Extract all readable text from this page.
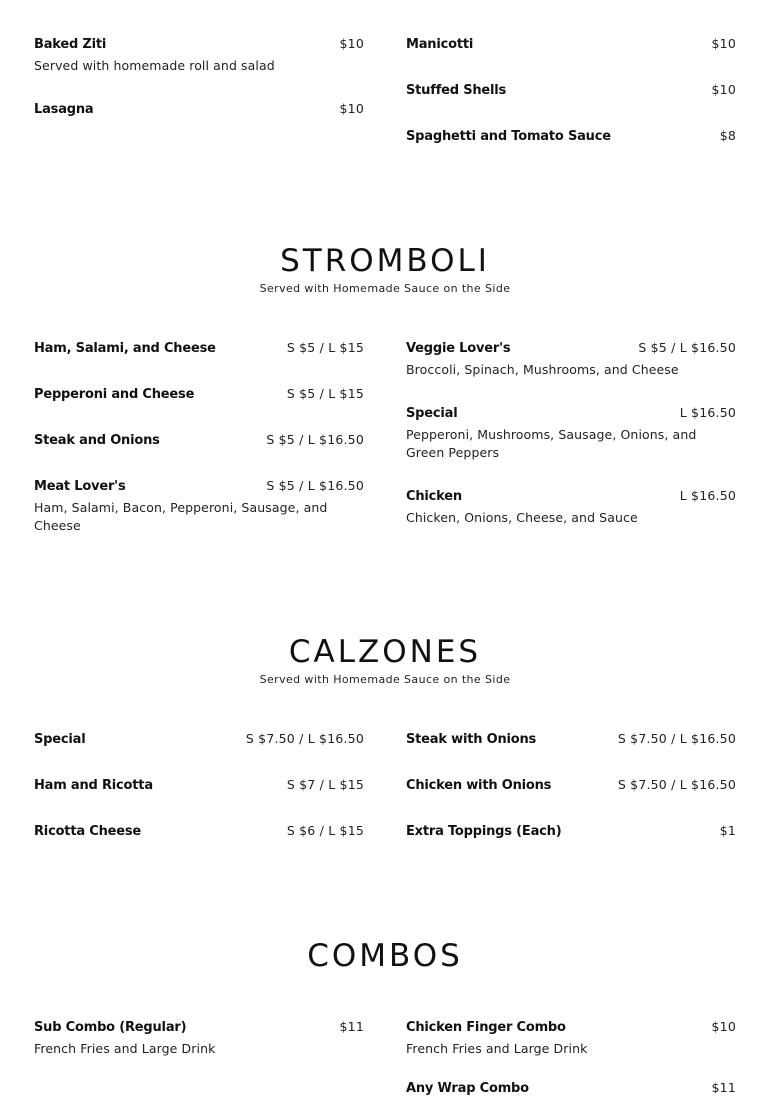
Baked Ziti	$10
Served with homemade roll and salad
Lasagna	$10
Manicotti	$10
Stuffed Shells	$10
Spaghetti and Tomato Sauce	$8
STROMBOLI
Served with Homemade Sauce on the Side
Ham, Salami, and Cheese	S $5 / L $15
Pepperoni and Cheese	S $5 / L $15
Steak and Onions	S $5 / L $16.50
Meat Lover's	S $5 / L $16.50
Ham, Salami, Bacon, Pepperoni, Sausage, and Cheese
Veggie Lover's	S $5 / L $16.50
Broccoli, Spinach, Mushrooms, and Cheese
Special	L $16.50
Pepperoni, Mushrooms, Sausage, Onions, and Green Peppers
Chicken	L $16.50
Chicken, Onions, Cheese, and Sauce
CALZONES
Served with Homemade Sauce on the Side
Special	S $7.50 / L $16.50
Ham and Ricotta	S $7 / L $15
Ricotta Cheese	S $6 / L $15
Steak with Onions	S $7.50 / L $16.50
Chicken with Onions	S $7.50 / L $16.50
Extra Toppings (Each)	$1
COMBOS
Sub Combo (Regular)	$11
French Fries and Large Drink
Chicken Finger Combo	$10
French Fries and Large Drink
Any Wrap Combo	$11
